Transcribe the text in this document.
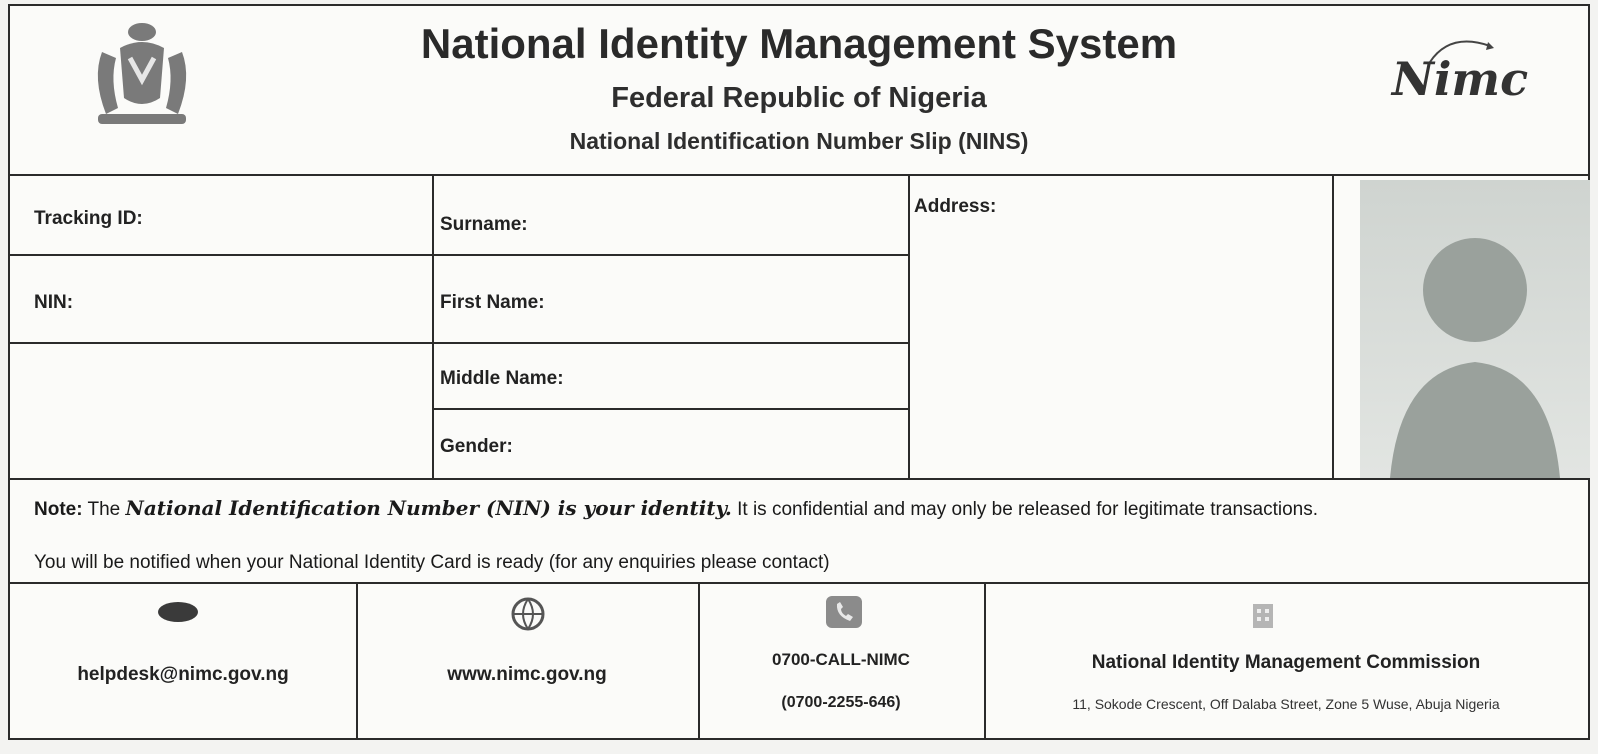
National Identity Management System
Federal Republic of Nigeria
National Identification Number Slip (NINS)
Nimc
Tracking ID:
NIN:
Surname:
First Name:
Middle Name:
Gender:
Address:
Note: The National Identification Number (NIN) is your identity. It is confidential and may only be released for legitimate transactions.
You will be notified when your National Identity Card is ready (for any enquiries please contact)
helpdesk@nimc.gov.ng	www.nimc.gov.ng
0700-CALL-NIMC
(0700-2255-646)
National Identity Management Commission
11, Sokode Crescent, Off Dalaba Street, Zone 5 Wuse, Abuja Nigeria
